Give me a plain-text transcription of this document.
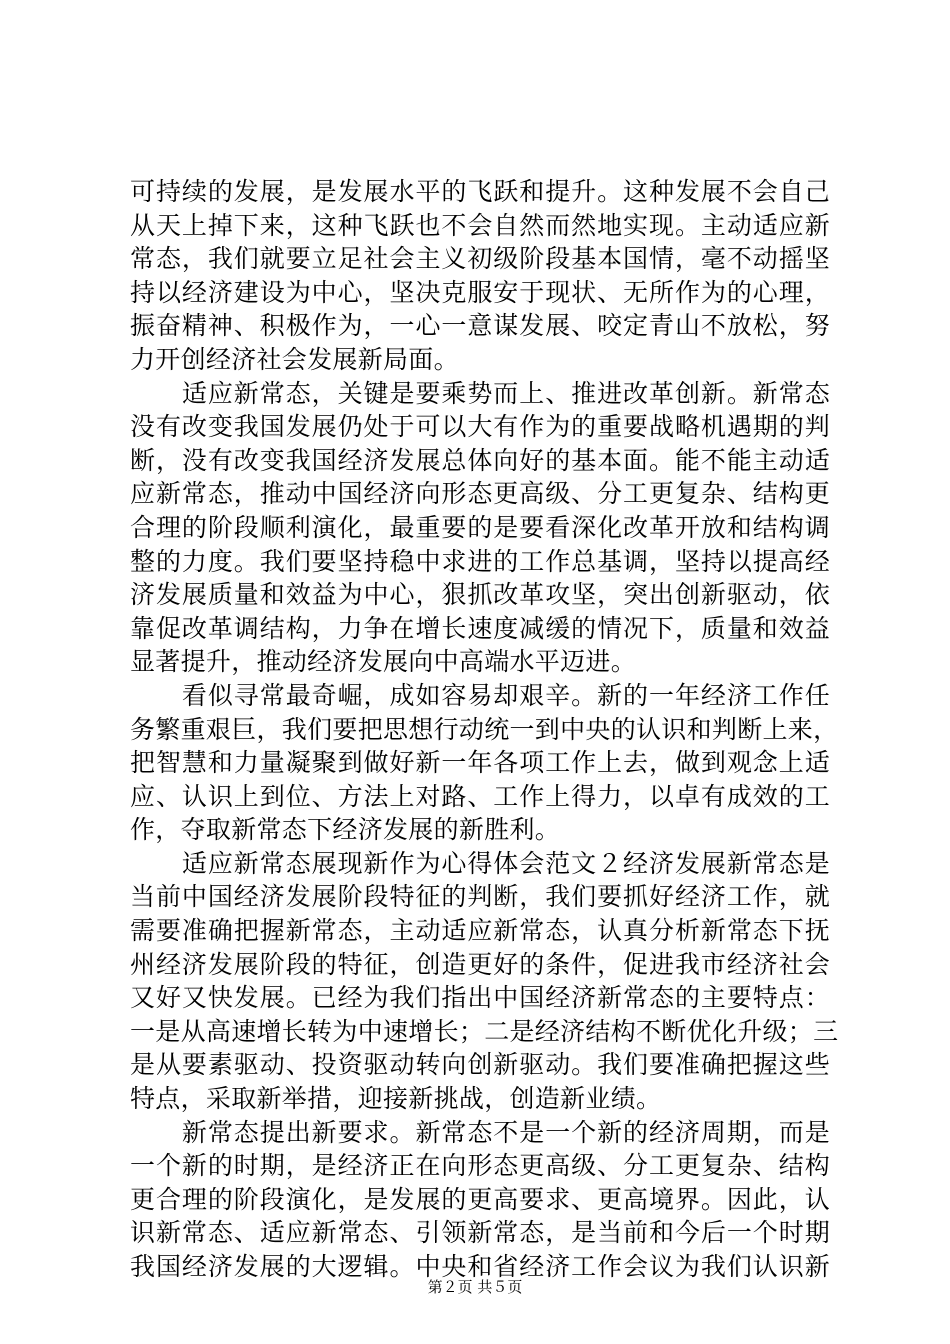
可持续的发展，是发展水平的飞跃和提升。这种发展不会自己
从天上掉下来，这种飞跃也不会自然而然地实现。主动适应新
常态，我们就要立足社会主义初级阶段基本国情，毫不动摇坚
持以经济建设为中心，坚决克服安于现状、无所作为的心理，
振奋精神、积极作为，一心一意谋发展、咬定青山不放松，努
力开创经济社会发展新局面。
　　适应新常态，关键是要乘势而上、推进改革创新。新常态
没有改变我国发展仍处于可以大有作为的重要战略机遇期的判
断，没有改变我国经济发展总体向好的基本面。能不能主动适
应新常态，推动中国经济向形态更高级、分工更复杂、结构更
合理的阶段顺利演化，最重要的是要看深化改革开放和结构调
整的力度。我们要坚持稳中求进的工作总基调，坚持以提高经
济发展质量和效益为中心，狠抓改革攻坚，突出创新驱动，依
靠促改革调结构，力争在增长速度减缓的情况下，质量和效益
显著提升，推动经济发展向中高端水平迈进。
　　看似寻常最奇崛，成如容易却艰辛。新的一年经济工作任
务繁重艰巨，我们要把思想行动统一到中央的认识和判断上来，
把智慧和力量凝聚到做好新一年各项工作上去，做到观念上适
应、认识上到位、方法上对路、工作上得力，以卓有成效的工
作，夺取新常态下经济发展的新胜利。
　　适应新常态展现新作为心得体会范文２经济发展新常态是
当前中国经济发展阶段特征的判断，我们要抓好经济工作，就
需要准确把握新常态，主动适应新常态，认真分析新常态下抚
州经济发展阶段的特征，创造更好的条件，促进我市经济社会
又好又快发展。已经为我们指出中国经济新常态的主要特点：
一是从高速增长转为中速增长；二是经济结构不断优化升级；三
是从要素驱动、投资驱动转向创新驱动。我们要准确把握这些
特点，采取新举措，迎接新挑战，创造新业绩。
　　新常态提出新要求。新常态不是一个新的经济周期，而是
一个新的时期，是经济正在向形态更高级、分工更复杂、结构
更合理的阶段演化，是发展的更高要求、更高境界。因此，认
识新常态、适应新常态、引领新常态，是当前和今后一个时期
我国经济发展的大逻辑。中央和省经济工作会议为我们认识新
第２页 共５页
